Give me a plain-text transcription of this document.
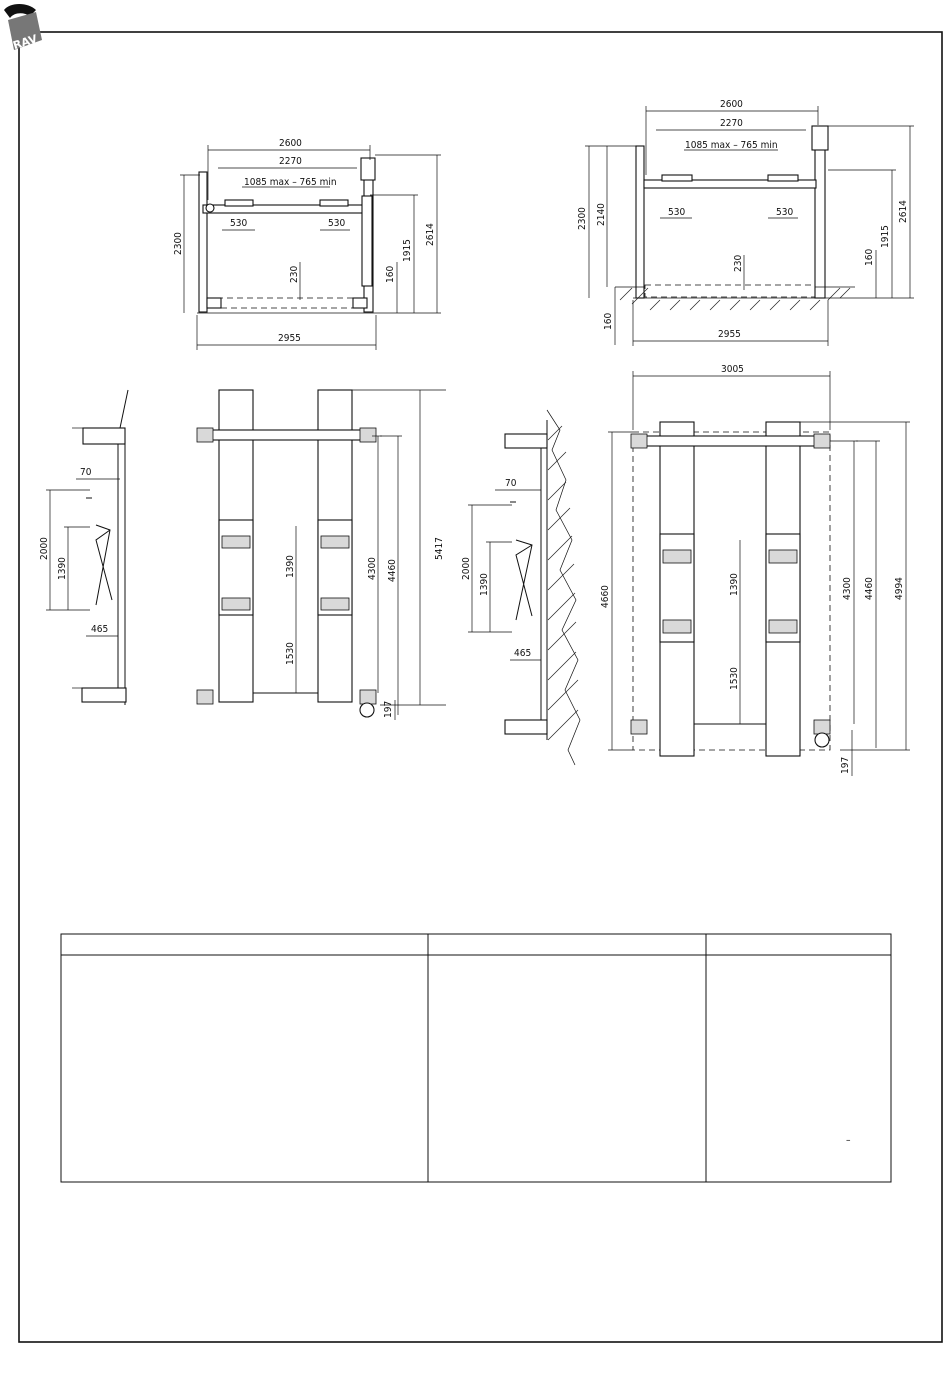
RAV
2600
2270
1085 max – 765 min
530	530
2300
230	160
1915
2614
2955
2600
2270
1085 max – 765 min
530	530
2300 2140
160
230	160
1915
2614
2955
70
2000
1390
465
1390
1530
4300 4460
5417
197
70
2000
1390
465
3005
4660
1390
1530
4300 4460 4994
197
–
